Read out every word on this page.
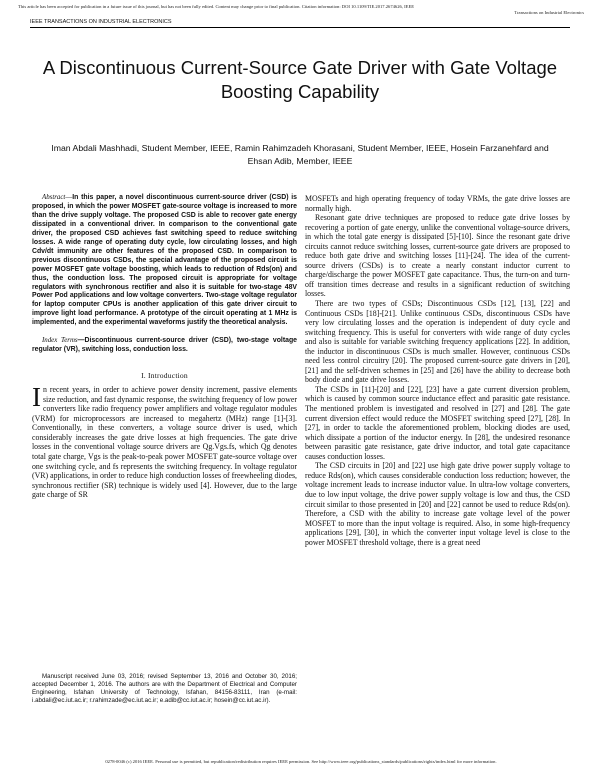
This article has been accepted for publication in a future issue of this journal, but has not been fully edited. Content may change prior to final publication. Citation information: DOI 10.1109/TIE.2017.2674626, IEEE
Transactions on Industrial Electronics
IEEE TRANSACTIONS ON INDUSTRIAL ELECTRONICS
A Discontinuous Current-Source Gate Driver with Gate Voltage Boosting Capability
Iman Abdali Mashhadi, Student Member, IEEE, Ramin Rahimzadeh Khorasani, Student Member, IEEE, Hosein Farzanehfard and Ehsan Adib, Member, IEEE

Abstract—In this paper, a novel discontinuous current-source driver (CSD) is proposed, in which the power MOSFET gate-source voltage is increased to more than the drive supply voltage. The proposed CSD is able to recover gate energy dissipated in a conventional driver. In comparison to the conventional gate driver, the proposed CSD achieves fast switching speed to reduce switching losses. A wide range of operating duty cycle, low circulating losses, and high Cdv/dt immunity are other features of the proposed CSD. In comparison to previous discontinuous CSDs, the special advantage of the proposed circuit is power MOSFET gate voltage boosting, which leads to reduction of Rds(on) and thus, the conduction loss. The proposed circuit is appropriate for voltage regulators with synchronous rectifier and also it is suitable for two-stage 48V Power Pod applications and low voltage converters. Two-stage voltage regulator for laptop computer CPUs is another application of this gate driver circuit to improve light load performance. A prototype of the circuit operating at 1 MHz is implemented, and the experimental waveforms justify the theoretical analysis.

Index Terms—Discontinuous current-source driver (CSD), two-stage voltage regulator (VR), switching loss, conduction loss.

I. Introduction

In recent years, in order to achieve power density increment, passive elements size reduction, and fast dynamic response, the switching frequency of low power converters like radio frequency power amplifiers and voltage regulator modules (VRM) for microprocessors are increased to megahertz (MHz) range [1]-[3]. Conventionally, in these converters, a voltage source driver is used, which considerably increases the gate drive losses at high frequencies. The gate drive losses in the conventional voltage source drivers are Qg.Vgs.fs, which Qg denotes total gate charge, Vgs is the peak-to-peak power MOSFET gate-source voltage over one switching cycle, and fs represents the switching frequency. In voltage regulator (VR) applications, in order to reduce high conduction losses of freewheeling diodes, synchronous rectifier (SR) technique is widely used [4]. However, due to the large gate charge of SR

Manuscript received June 03, 2016; revised September 13, 2016 and October 30, 2016; accepted December 1, 2016. The authors are with the Department of Electrical and Computer Engineering, Isfahan University of Technology, Isfahan, 84156-83111, Iran (e-mail: i.abdali@ec.iut.ac.ir; r.rahimzade@ec.iut.ac.ir; e.adib@cc.iut.ac.ir; hosein@cc.iut.ac.ir).

MOSFETs and high operating frequency of today VRMs, the gate drive losses are normally high.

Resonant gate drive techniques are proposed to reduce gate drive losses by recovering a portion of gate energy, unlike the conventional voltage-source drivers, in which the total gate energy is dissipated [5]-[10]. Since the resonant gate drive circuits cannot reduce switching losses, current-source gate drivers are proposed to reduce both gate drive and switching losses [11]-[24]. The idea of the current-source drivers (CSDs) is to create a nearly constant inductor current to charge/discharge the power MOSFET gate capacitance. Thus, the turn-on and turn-off transition times decrease and results in a significant reduction of switching losses.

There are two types of CSDs; Discontinuous CSDs [12], [13], [22] and Continuous CSDs [18]-[21]. Unlike continuous CSDs, discontinuous CSDs have very low circulating losses and the operation is independent of duty cycle and switching frequency. This is useful for converters with wide range of duty cycles and also is suitable for variable switching frequency applications [22]. In addition, the inductor in discontinuous CSDs is much smaller. However, continuous CSDs need less control circuitry [20]. The proposed current-source gate drivers in [20], [21] and the self-driven schemes in [25] and [26] have the ability to decrease both body diode and gate drive losses.

The CSDs in [11]-[20] and [22], [23] have a gate current diversion problem, which is caused by common source inductance effect and parasitic gate resistance. The mentioned problem is investigated and resolved in [27] and [28]. The gate current diversion effect would reduce the MOSFET switching speed [27], [28]. In [27], in order to tackle the aforementioned problem, blocking diodes are used, which dissipate a portion of the inductor energy. In [28], the undesired resonance between parasitic gate resistance, gate drive inductor, and total gate capacitance causes conduction losses.

The CSD circuits in [20] and [22] use high gate drive power supply voltage to reduce Rds(on), which causes considerable conduction loss reduction; however, the voltage increment leads to increase inductor value. In ultra-low voltage converters, due to low input voltage, the drive power supply voltage is low and thus, the CSD circuit similar to those presented in [20] and [22] cannot be used to reduce Rds(on). Therefore, a CSD with the ability to increase gate voltage level of the power MOSFET to more than the input voltage is required. Also, in some high-frequency applications [29], [30], in which the converter input voltage level is close to the power MOSFET threshold voltage, there is a great need

0278-0046 (c) 2016 IEEE. Personal use is permitted, but republication/redistribution requires IEEE permission. See http://www.ieee.org/publications_standards/publications/rights/index.html for more information.
